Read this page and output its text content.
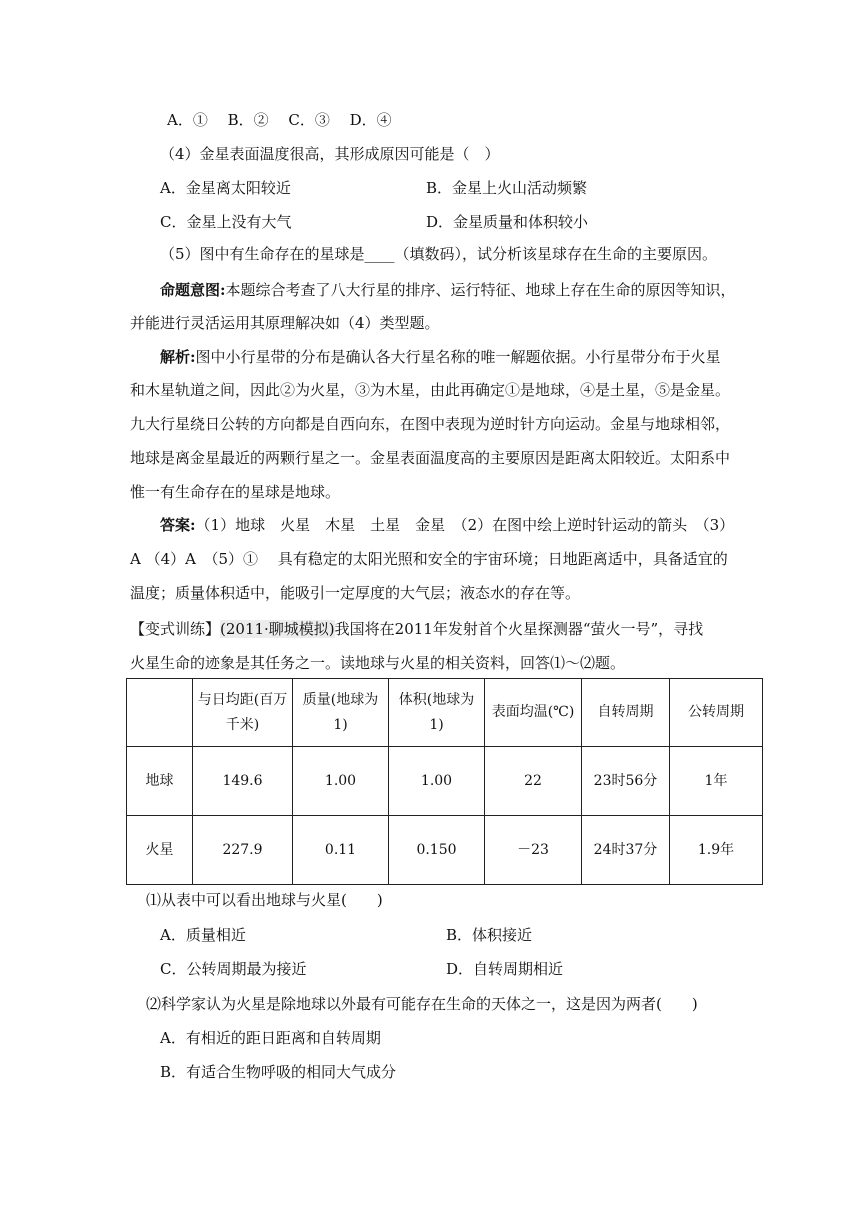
A．①　 B．②　 C．③　 D．④
（4）金星表面温度很高，其形成原因可能是（　）
A．金星离太阳较近	B．金星上火山活动频繁
C．金星上没有大气	D．金星质量和体积较小
（5）图中有生命存在的星球是____（填数码），试分析该星球存在生命的主要原因。
命题意图:本题综合考查了八大行星的排序、运行特征、地球上存在生命的原因等知识，
并能进行灵活运用其原理解决如（4）类型题。
解析:图中小行星带的分布是确认各大行星名称的唯一解题依据。小行星带分布于火星
和木星轨道之间，因此②为火星，③为木星，由此再确定①是地球，④是土星，⑤是金星。
九大行星绕日公转的方向都是自西向东，在图中表现为逆时针方向运动。金星与地球相邻，
地球是离金星最近的两颗行星之一。金星表面温度高的主要原因是距离太阳较近。太阳系中
惟一有生命存在的星球是地球。
答案:（1）地球　火星　木星　土星　金星　（2）在图中绘上逆时针运动的箭头　（3）
A （4）A　（5）①　 具有稳定的太阳光照和安全的宇宙环境；日地距离适中，具备适宜的
温度；质量体积适中，能吸引一定厚度的大气层；液态水的存在等。
【变式训练】(2011·聊城模拟)我国将在2011年发射首个火星探测器“萤火一号”，寻找
火星生命的迹象是其任务之一。读地球与火星的相关资料，回答⑴～⑵题。
	与日均距(百万千米)	质量(地球为1)	体积(地球为1)	表面均温(℃)	自转周期	公转周期
地球	149.6	1.00	1.00	22	23时56分	1年
火星	227.9	0.11	0.150	－23	24时37分	1.9年
⑴从表中可以看出地球与火星(　　)
A．质量相近	B．体积接近
C．公转周期最为接近	D．自转周期相近
⑵科学家认为火星是除地球以外最有可能存在生命的天体之一，这是因为两者(　　)
A．有相近的距日距离和自转周期
B．有适合生物呼吸的相同大气成分
